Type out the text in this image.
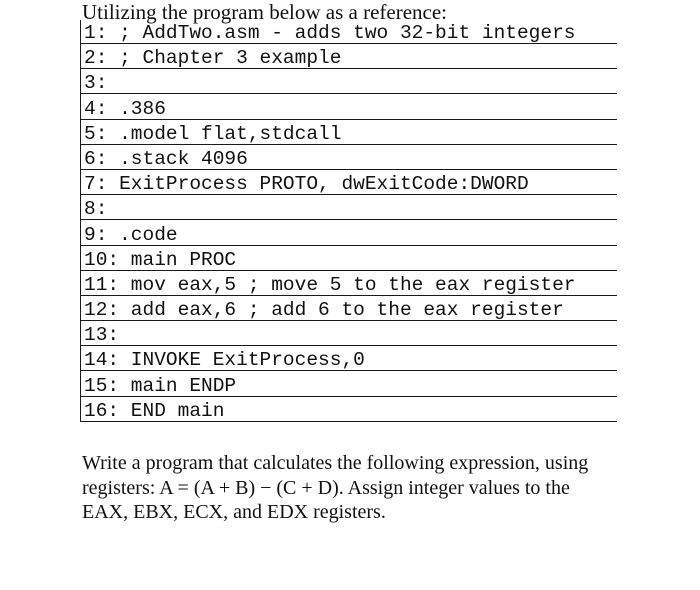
Utilizing the program below as a reference:
1: ; AddTwo.asm - adds two 32-bit integers
2: ; Chapter 3 example
3:
4: .386
5: .model flat,stdcall
6: .stack 4096
7: ExitProcess PROTO, dwExitCode:DWORD
8:
9: .code
10: main PROC
11: mov eax,5 ; move 5 to the eax register
12: add eax,6 ; add 6 to the eax register
13:
14: INVOKE ExitProcess,0
15: main ENDP
16: END main

Write a program that calculates the following expression, using

registers: A = (A + B) − (C + D). Assign integer values to the

EAX, EBX, ECX, and EDX registers.
